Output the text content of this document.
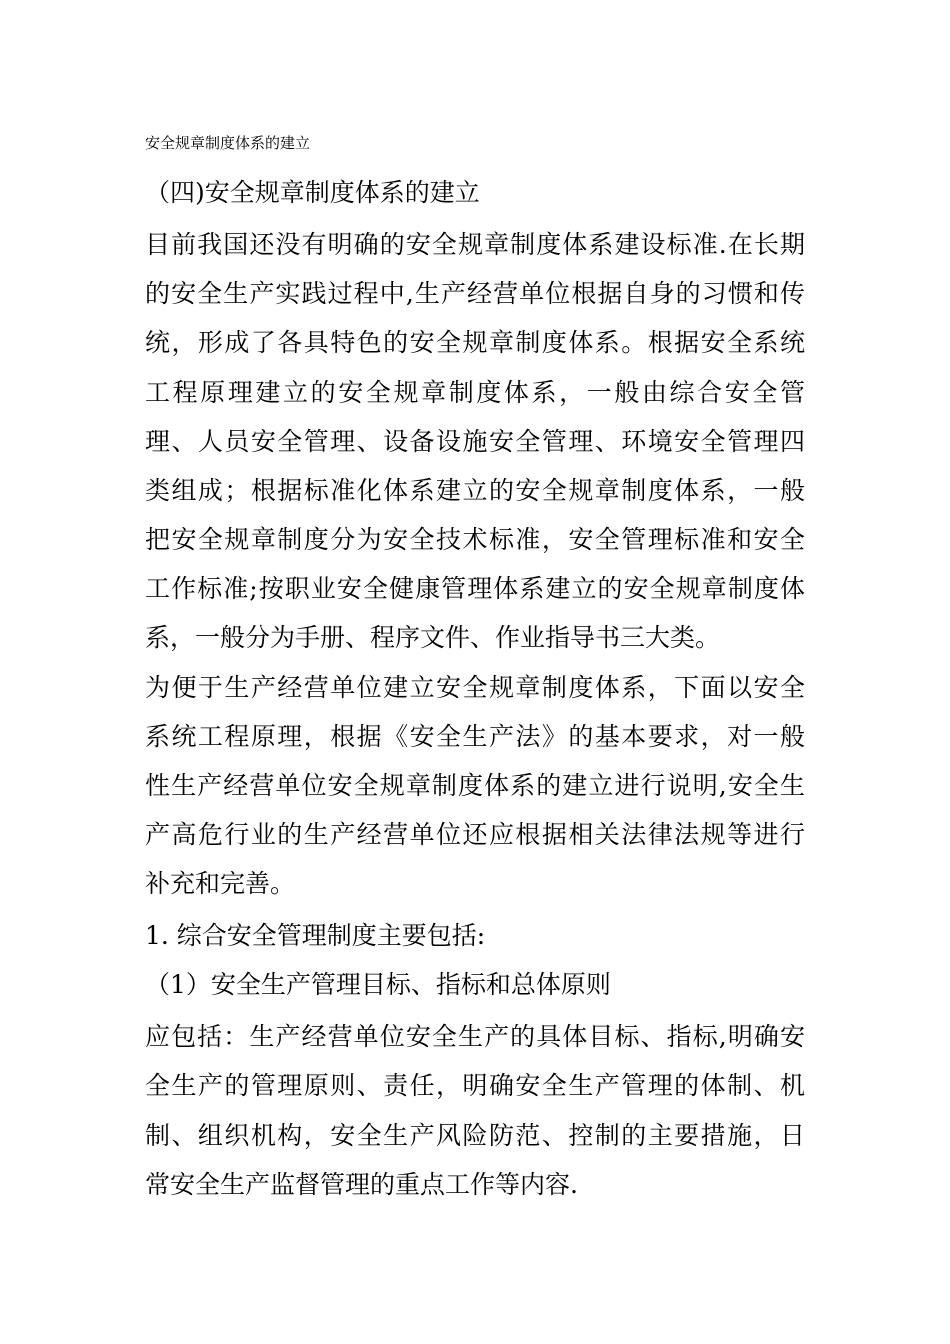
安全规章制度体系的建立
（四)安全规章制度体系的建立
目前我国还没有明确的安全规章制度体系建设标准.在长期
的安全生产实践过程中,生产经营单位根据自身的习惯和传
统，形成了各具特色的安全规章制度体系。根据安全系统
工程原理建立的安全规章制度体系，一般由综合安全管
理、人员安全管理、设备设施安全管理、环境安全管理四
类组成；根据标准化体系建立的安全规章制度体系，一般
把安全规章制度分为安全技术标准，安全管理标准和安全
工作标准;按职业安全健康管理体系建立的安全规章制度体
系，一般分为手册、程序文件、作业指导书三大类。
为便于生产经营单位建立安全规章制度体系，下面以安全
系统工程原理，根据《安全生产法》的基本要求，对一般
性生产经营单位安全规章制度体系的建立进行说明,安全生
产高危行业的生产经营单位还应根据相关法律法规等进行
补充和完善。
1. 综合安全管理制度主要包括:
（1）安全生产管理目标、指标和总体原则
应包括：生产经营单位安全生产的具体目标、指标,明确安
全生产的管理原则、责任，明确安全生产管理的体制、机
制、组织机构，安全生产风险防范、控制的主要措施，日
常安全生产监督管理的重点工作等内容.
